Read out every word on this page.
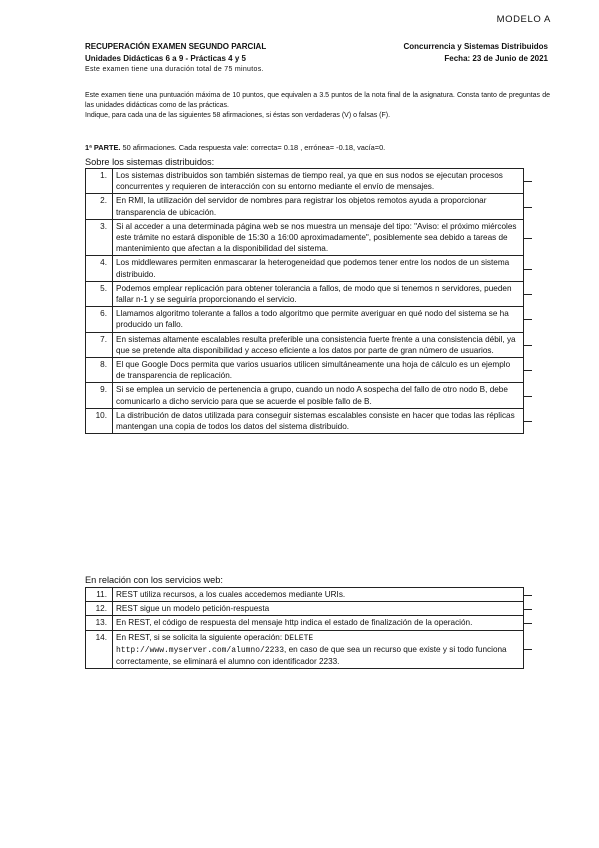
MODELO A
RECUPERACIÓN EXAMEN SEGUNDO PARCIAL	Concurrencia y Sistemas Distribuidos
Unidades Didácticas 6 a 9 - Prácticas 4 y 5	Fecha: 23 de Junio de 2021
Este examen tiene una duración total de 75 minutos.

Este examen tiene una puntuación máxima de 10 puntos, que equivalen a 3.5 puntos de la nota final de la asignatura. Consta tanto de preguntas de las unidades didácticas como de las prácticas.

Indique, para cada una de las siguientes 58 afirmaciones, si éstas son verdaderas (V) o falsas (F).

1ª PARTE. 50 afirmaciones. Cada respuesta vale: correcta= 0.18 , errónea= -0.18, vacía=0.
Sobre los sistemas distribuidos:
1.	Los sistemas distribuidos son también sistemas de tiempo real, ya que en sus nodos se ejecutan procesos concurrentes y requieren de interacción con su entorno mediante el envío de mensajes.	

2.	En RMI, la utilización del servidor de nombres para registrar los objetos remotos ayuda a proporcionar transparencia de ubicación.	

3.	Si al acceder a una determinada página web se nos muestra un mensaje del tipo: "Aviso: el próximo miércoles este trámite no estará disponible de 15:30 a 16:00 aproximadamente", posiblemente sea debido a tareas de mantenimiento que afectan a la disponibilidad del sistema.	

4.	Los middlewares permiten enmascarar la heterogeneidad que podemos tener entre los nodos de un sistema distribuido.	

5.	Podemos emplear replicación para obtener tolerancia a fallos, de modo que si tenemos n servidores, pueden fallar n-1 y se seguiría proporcionando el servicio.	

6.	Llamamos algoritmo tolerante a fallos a todo algoritmo que permite averiguar en qué nodo del sistema se ha producido un fallo.	

7.	En sistemas altamente escalables resulta preferible una consistencia fuerte frente a una consistencia débil, ya que se pretende alta disponibilidad y acceso eficiente a los datos por parte de gran número de usuarios.	

8.	El que Google Docs permita que varios usuarios utilicen simultáneamente una hoja de cálculo es un ejemplo de transparencia de replicación.	

9.	Si se emplea un servicio de pertenencia a grupo, cuando un nodo A sospecha del fallo de otro nodo B, debe comunicarlo a dicho servicio para que se acuerde el posible fallo de B.	

10.	La distribución de datos utilizada para conseguir sistemas escalables consiste en hacer que todas las réplicas mantengan una copia de todos los datos del sistema distribuido.	
En relación con los servicios web:
11.	REST utiliza recursos, a los cuales accedemos mediante URIs.	

12.	REST sigue un modelo petición-respuesta	

13.	En REST, el código de respuesta del mensaje http indica el estado de finalización de la operación.	

14.	En REST, si se solicita la siguiente operación: DELETE
http://www.myserver.com/alumno/2233, en caso de que sea un recurso que existe y si todo funciona correctamente, se eliminará el alumno con identificador 2233.	
